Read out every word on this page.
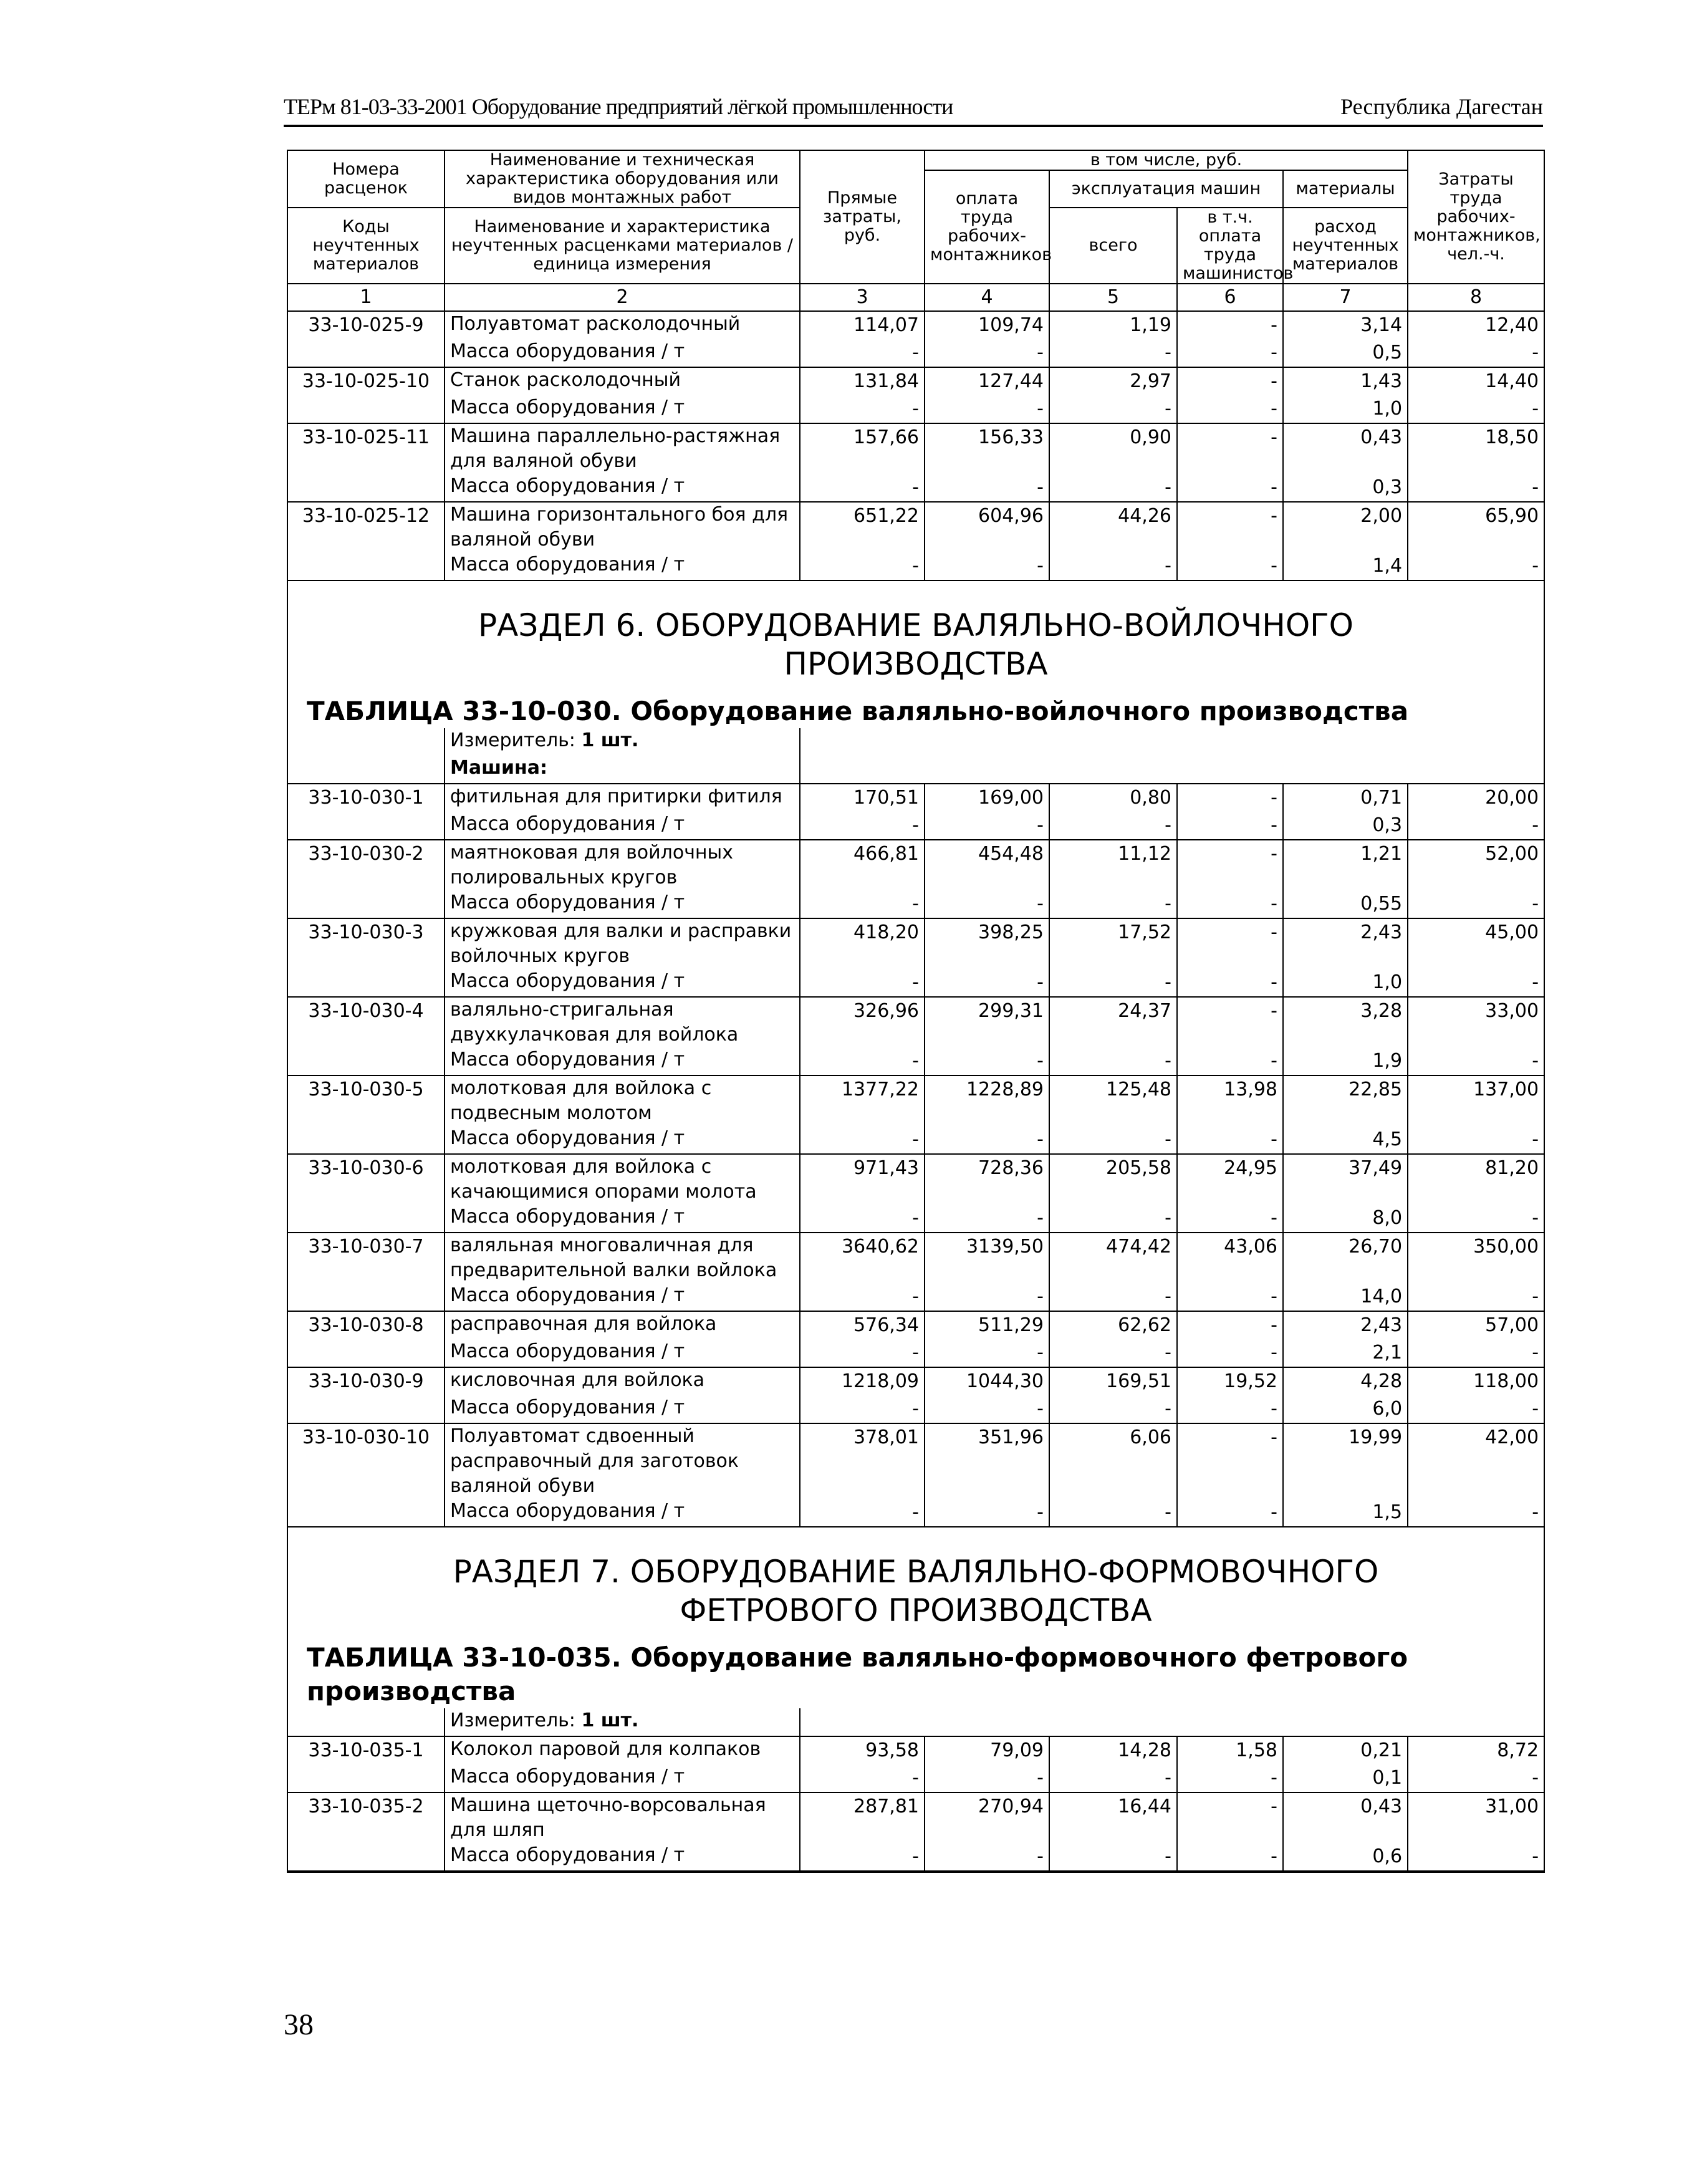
ТЕРм 81-03-33-2001 Оборудование предприятий лёгкой промышленности	Республика Дагестан
Номера расценок	Наименование и техническая характеристика оборудования или видов монтажных работ	Прямые затраты, руб.	в том числе, руб.				Затраты труда рабочих-монтажников, чел.-ч.
			оплата труда рабочих-монтажников	эксплуатация машин		материалы	
Коды неучтенных материалов	Наименование и характеристика неучтенных расценками материалов / единица измерения			всего	в т.ч. оплата труда машинистов	расход неучтенных материалов	

1	2	3	4	5	6	7	8
33-10-025-9	Полуавтомат расколодочный	114,07	109,74	1,19	-	3,14	12,40
	Масса оборудования / т	-	-	-	-	0,5	-
33-10-025-10	Станок расколодочный	131,84	127,44	2,97	-	1,43	14,40
	Масса оборудования / т	-	-	-	-	1,0	-
33-10-025-11	Машина параллельно-растяжная для валяной обуви	157,66	156,33	0,90	-	0,43	18,50
	Масса оборудования / т	-	-	-	-	0,3	-
33-10-025-12	Машина горизонтального боя для валяной обуви	651,22	604,96	44,26	-	2,00	65,90
	Масса оборудования / т	-	-	-	-	1,4	-

РАЗДЕЛ 6. ОБОРУДОВАНИЕ ВАЛЯЛЬНО-ВОЙЛОЧНОГО
ПРОИЗВОДСТВА
ТАБЛИЦА 33-10-030. Оборудование валяльно-войлочного производства							

	Измеритель: 1 шт.						
	Машина:						
33-10-030-1	фитильная для притирки фитиля	170,51	169,00	0,80	-	0,71	20,00
	Масса оборудования / т	-	-	-	-	0,3	-
33-10-030-2	маятнокoвая для войлочных полировальных кругов	466,81	454,48	11,12	-	1,21	52,00
	Масса оборудования / т	-	-	-	-	0,55	-
33-10-030-3	кружковая для валки и расправки войлочных кругов	418,20	398,25	17,52	-	2,43	45,00
	Масса оборудования / т	-	-	-	-	1,0	-
33-10-030-4	валяльно-стригальная двухкулачковая для войлока	326,96	299,31	24,37	-	3,28	33,00
	Масса оборудования / т	-	-	-	-	1,9	-
33-10-030-5	молотковая для войлока с подвесным молотом	1377,22	1228,89	125,48	13,98	22,85	137,00
	Масса оборудования / т	-	-	-	-	4,5	-
33-10-030-6	молотковая для войлока с качающимися опорами молота	971,43	728,36	205,58	24,95	37,49	81,20
	Масса оборудования / т	-	-	-	-	8,0	-
33-10-030-7	валяльная многовaличная для предварительной валки войлока	3640,62	3139,50	474,42	43,06	26,70	350,00
	Масса оборудования / т	-	-	-	-	14,0	-
33-10-030-8	расправочная для войлока	576,34	511,29	62,62	-	2,43	57,00
	Масса оборудования / т	-	-	-	-	2,1	-
33-10-030-9	кисловочная для войлока	1218,09	1044,30	169,51	19,52	4,28	118,00
	Масса оборудования / т	-	-	-	-	6,0	-
33-10-030-10	Полуавтомат сдвоенный расправочный для заготовок валяной обуви	378,01	351,96	6,06	-	19,99	42,00
	Масса оборудования / т	-	-	-	-	1,5	-

РАЗДЕЛ 7. ОБОРУДОВАНИЕ ВАЛЯЛЬНО-ФОРМОВОЧНОГО
ФЕТРОВОГО ПРОИЗВОДСТВА
ТАБЛИЦА 33-10-035. Оборудование валяльно-формовочного фетрового производства							

	Измеритель: 1 шт.						
33-10-035-1	Колокол паровой для колпаков	93,58	79,09	14,28	1,58	0,21	8,72
	Масса оборудования / т	-	-	-	-	0,1	-
33-10-035-2	Машина щеточно-ворсовальная для шляп	287,81	270,94	16,44	-	0,43	31,00
	Масса оборудования / т	-	-	-	-	0,6	-
38
